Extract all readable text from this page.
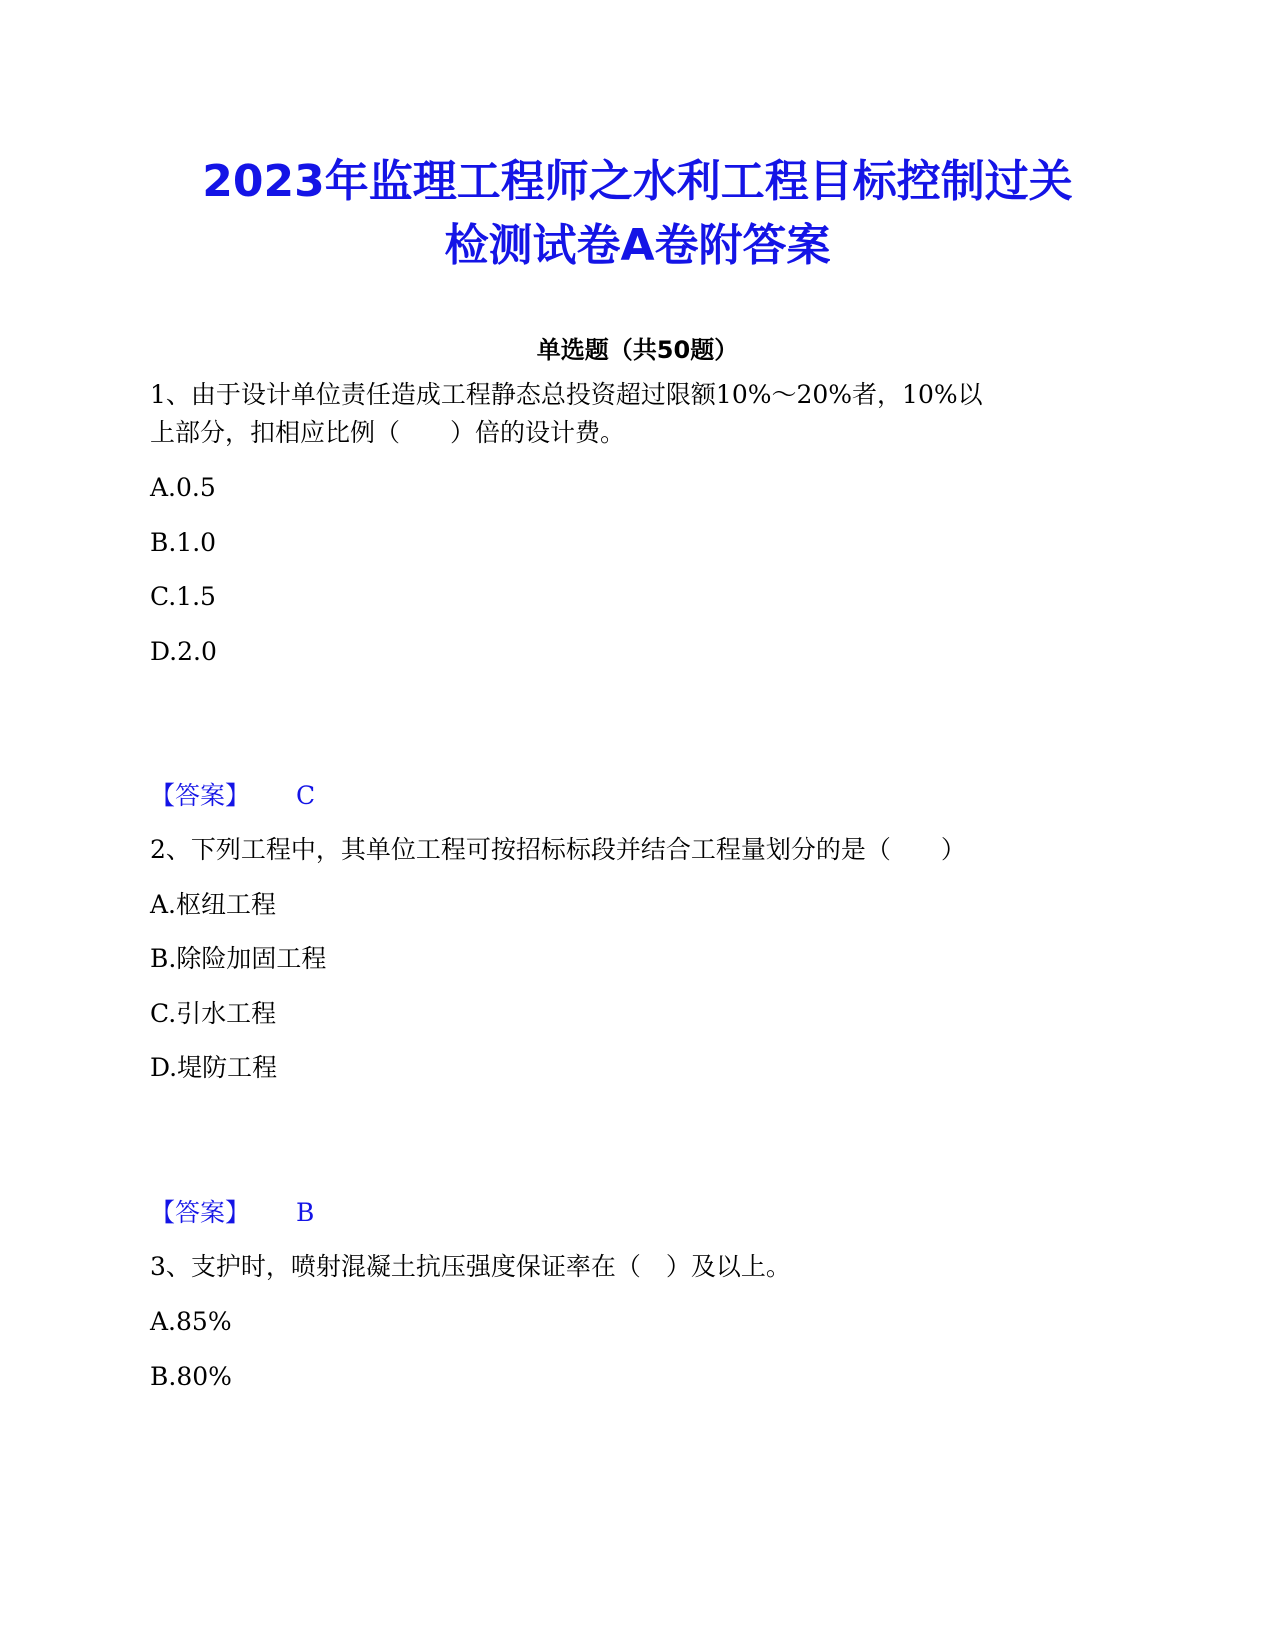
2023年监理工程师之水利工程目标控制过关
检测试卷A卷附答案
单选题（共50题）
1、由于设计单位责任造成工程静态总投资超过限额10%～20%者，10%以
上部分，扣相应比例（　　）倍的设计费。
A.0.5
B.1.0
C.1.5
D.2.0
【答案】 C
2、下列工程中，其单位工程可按招标标段并结合工程量划分的是（　　）
A.枢纽工程
B.除险加固工程
C.引水工程
D.堤防工程
【答案】 B
3、支护时，喷射混凝土抗压强度保证率在（　）及以上。
A.85%
B.80%
